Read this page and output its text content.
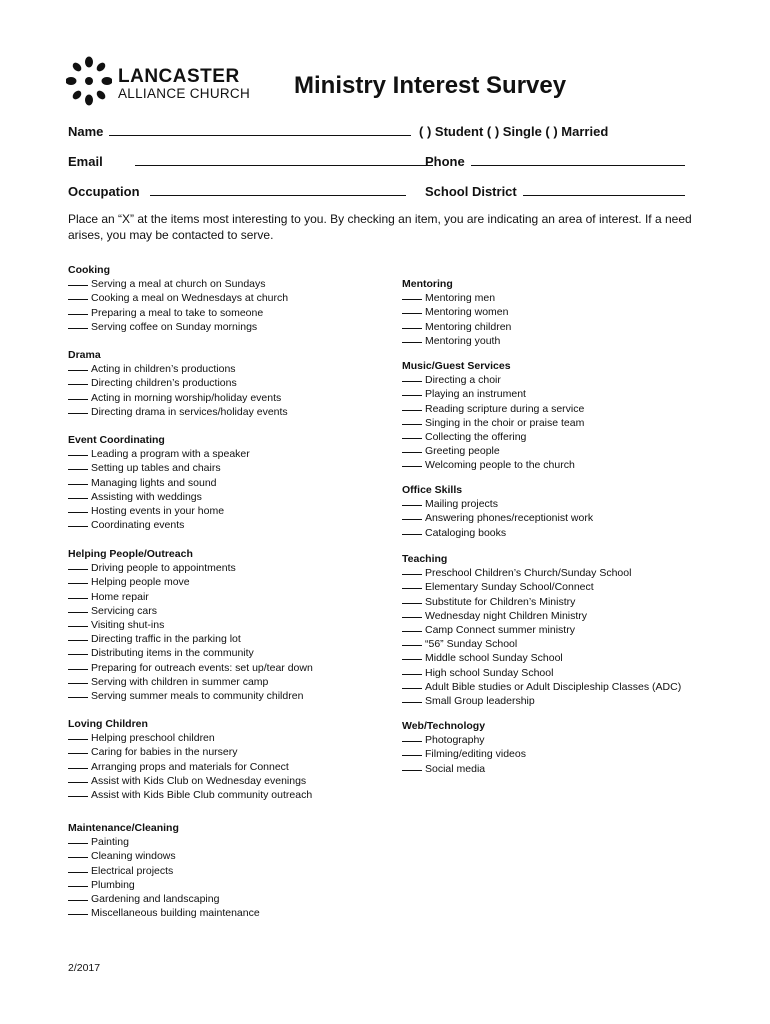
LANCASTER
ALLIANCE CHURCH Ministry Interest Survey
Name	( ) Student ( ) Single ( ) Married
Email	Phone
Occupation	School District
Place an “X” at the items most interesting to you. By checking an item, you are indicating an area of interest. If a need arises, you may be contacted to serve.
Cooking
Serving a meal at church on Sundays
Cooking a meal on Wednesdays at church
Preparing a meal to take to someone
Serving coffee on Sunday mornings
Drama
Acting in children’s productions
Directing children’s productions
Acting in morning worship/holiday events
Directing drama in services/holiday events
Event Coordinating
Leading a program with a speaker
Setting up tables and chairs
Managing lights and sound
Assisting with weddings
Hosting events in your home
Coordinating events
Helping People/Outreach
Driving people to appointments
Helping people move
Home repair
Servicing cars
Visiting shut-ins
Directing traffic in the parking lot
Distributing items in the community
Preparing for outreach events: set up/tear down
Serving with children in summer camp
Serving summer meals to community children
Loving Children
Helping preschool children
Caring for babies in the nursery
Arranging props and materials for Connect
Assist with Kids Club on Wednesday evenings
Assist with Kids Bible Club community outreach
Maintenance/Cleaning
Painting
Cleaning windows
Electrical projects
Plumbing
Gardening and landscaping
Miscellaneous building maintenance
Mentoring
Mentoring men
Mentoring women
Mentoring children
Mentoring youth
Music/Guest Services
Directing a choir
Playing an instrument
Reading scripture during a service
Singing in the choir or praise team
Collecting the offering
Greeting people
Welcoming people to the church
Office Skills
Mailing projects
Answering phones/receptionist work
Cataloging books
Teaching
Preschool Children’s Church/Sunday School
Elementary Sunday School/Connect
Substitute for Children’s Ministry
Wednesday night Children Ministry
Camp Connect summer ministry
“56” Sunday School
Middle school Sunday School
High school Sunday School
Adult Bible studies or Adult Discipleship Classes (ADC)
Small Group leadership
Web/Technology
Photography
Filming/editing videos
Social media
2/2017
